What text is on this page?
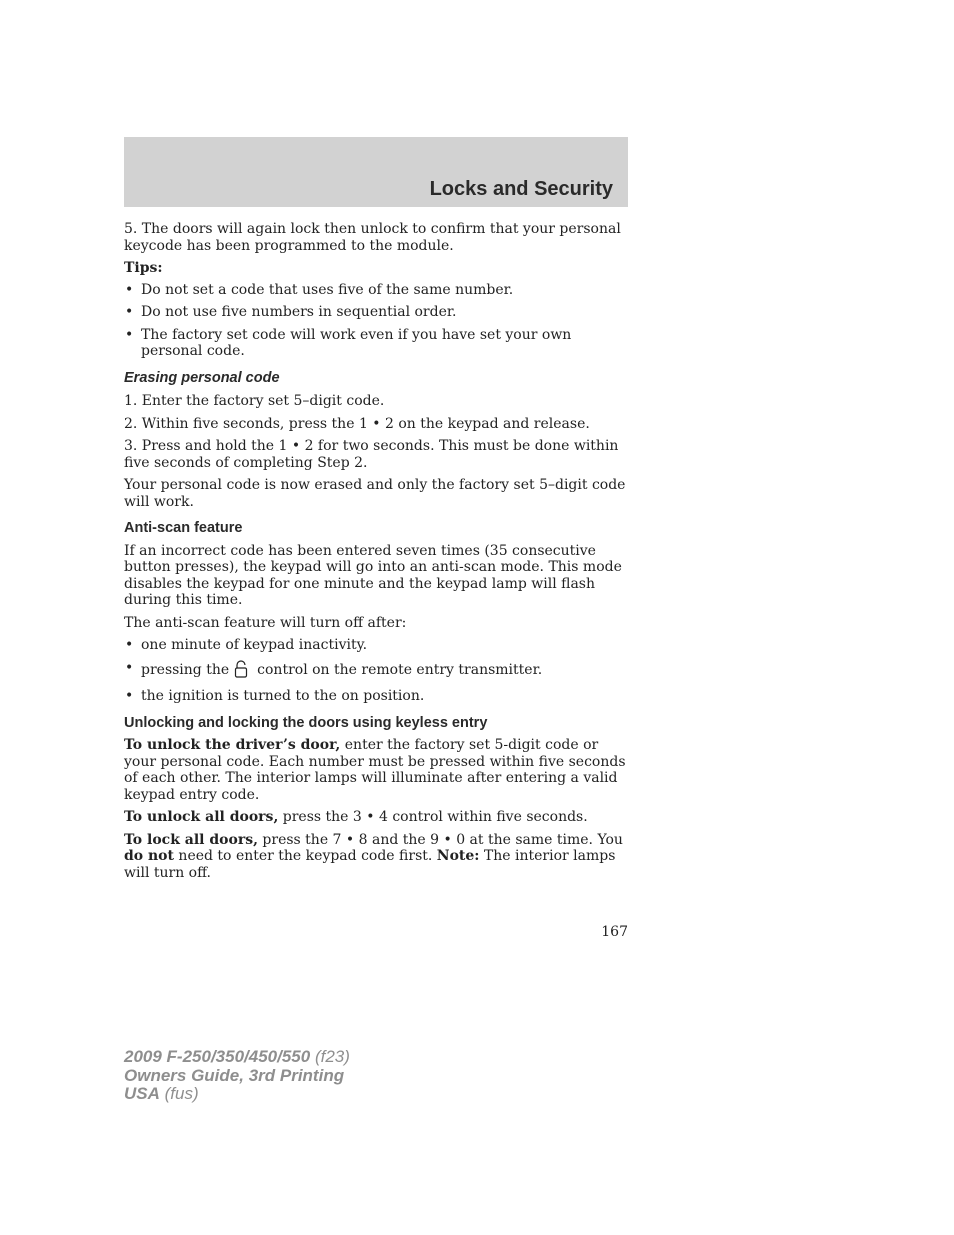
Locks and Security

5. The doors will again lock then unlock to confirm that your personal keycode has been programmed to the module.

Tips:

• Do not set a code that uses five of the same number.
• Do not use five numbers in sequential order.
• The factory set code will work even if you have set your own personal code.
Erasing personal code

1. Enter the factory set 5–digit code.

2. Within five seconds, press the 1 • 2 on the keypad and release.

3. Press and hold the 1 • 2 for two seconds. This must be done within five seconds of completing Step 2.

Your personal code is now erased and only the factory set 5–digit code will work.

Anti-scan feature

If an incorrect code has been entered seven times (35 consecutive button presses), the keypad will go into an anti-scan mode. This mode disables the keypad for one minute and the keypad lamp will flash during this time.

The anti-scan feature will turn off after:

• one minute of keypad inactivity.
• pressing the control on the remote entry transmitter.
• the ignition is turned to the on position.
Unlocking and locking the doors using keyless entry

To unlock the driver’s door, enter the factory set 5-digit code or your personal code. Each number must be pressed within five seconds of each other. The interior lamps will illuminate after entering a valid keypad entry code.

To unlock all doors, press the 3 • 4 control within five seconds.

To lock all doors, press the 7 • 8 and the 9 • 0 at the same time. You do not need to enter the keypad code first. Note: The interior lamps will turn off.

167
2009 F-250/350/450/550 (f23)
Owners Guide, 3rd Printing
USA (fus)
